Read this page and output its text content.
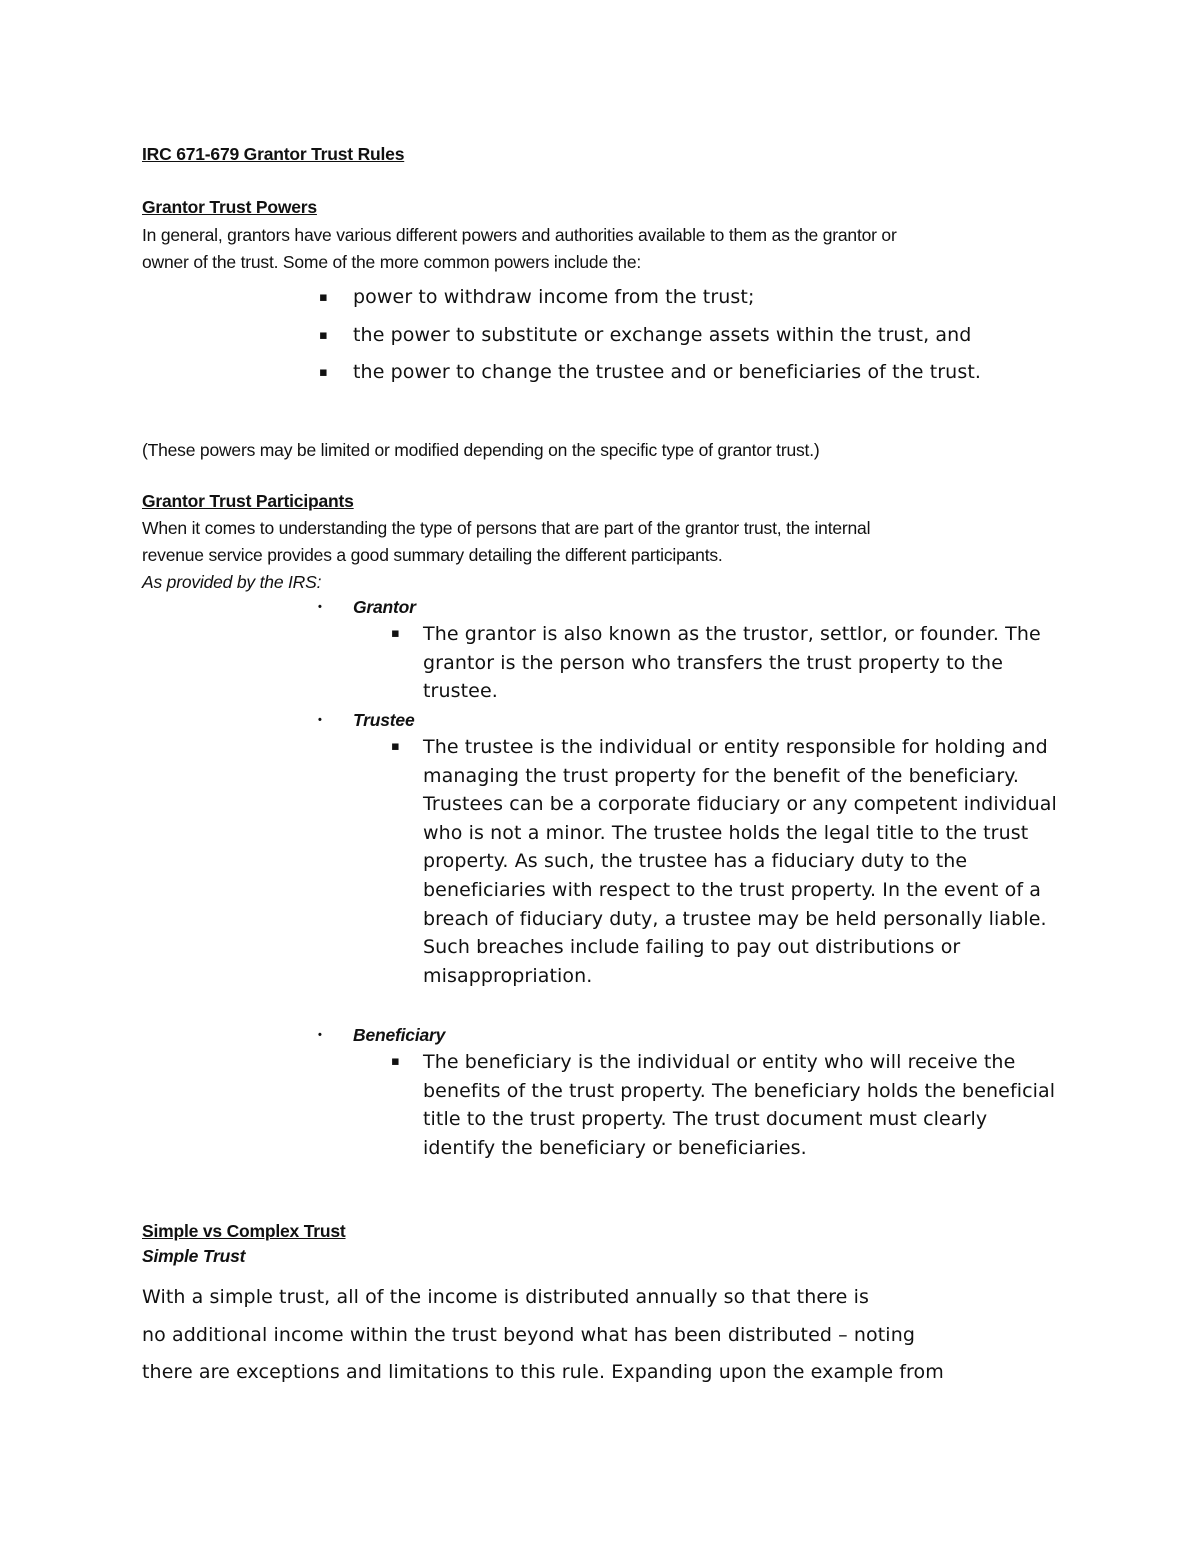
IRC 671-679 Grantor Trust Rules
Grantor Trust Powers
In general, grantors have various different powers and authorities available to them as the grantor or
owner of the trust. Some of the more common powers include the:
▪ power to withdraw income from the trust;
▪ the power to substitute or exchange assets within the trust, and
▪ the power to change the trustee and or beneficiaries of the trust.
(These powers may be limited or modified depending on the specific type of grantor trust.)
Grantor Trust Participants
When it comes to understanding the type of persons that are part of the grantor trust, the internal
revenue service provides a good summary detailing the different participants.
As provided by the IRS:
• Grantor
▪ The grantor is also known as the trustor, settlor, or founder. The grantor is the person who transfers the trust property to the trustee.
• Trustee
▪ The trustee is the individual or entity responsible for holding and managing the trust property for the benefit of the beneficiary. Trustees can be a corporate fiduciary or any competent individual who is not a minor. The trustee holds the legal title to the trust property. As such, the trustee has a fiduciary duty to the beneficiaries with respect to the trust property. In the event of a breach of fiduciary duty, a trustee may be held personally liable. Such breaches include failing to pay out distributions or misappropriation.
• Beneficiary
▪ The beneficiary is the individual or entity who will receive the benefits of the trust property. The beneficiary holds the beneficial title to the trust property. The trust document must clearly identify the beneficiary or beneficiaries.
Simple vs Complex Trust
Simple Trust
With a simple trust, all of the income is distributed annually so that there is
no additional income within the trust beyond what has been distributed – noting
there are exceptions and limitations to this rule. Expanding upon the example from
